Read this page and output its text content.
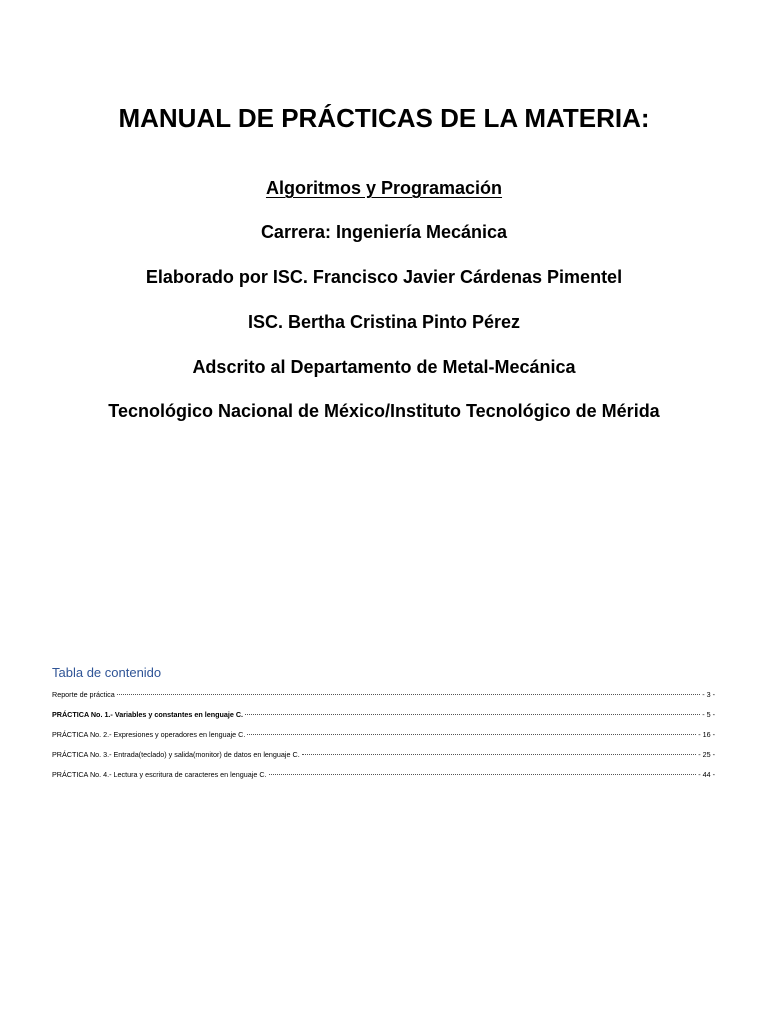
MANUAL DE PRÁCTICAS DE LA MATERIA:

Algoritmos y Programación

Carrera: Ingeniería Mecánica

Elaborado por ISC. Francisco Javier Cárdenas Pimentel

ISC. Bertha Cristina Pinto Pérez

Adscrito al Departamento de Metal-Mecánica

Tecnológico Nacional de México/Instituto Tecnológico de Mérida

Tabla de contenido
Reporte de práctica	- 3 -
PRÁCTICA No. 1.- Variables y constantes en lenguaje C.	- 5 -
PRÁCTICA No. 2.- Expresiones y operadores en lenguaje C.	- 16 -
PRÁCTICA No. 3.- Entrada(teclado) y salida(monitor) de datos en lenguaje C.	- 25 -
PRÁCTICA No. 4.- Lectura y escritura de caracteres en lenguaje C.	- 44 -
